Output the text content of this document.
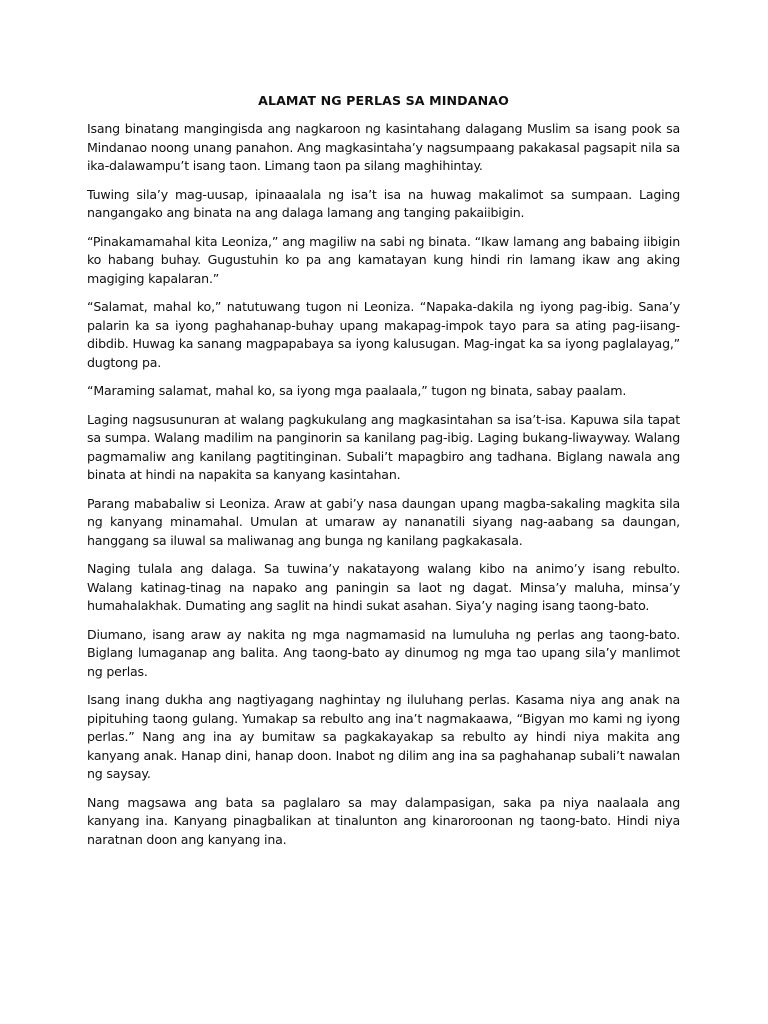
ALAMAT NG PERLAS SA MINDANAO

Isang binatang mangingisda ang nagkaroon ng kasintahang dalagang Muslim sa isang pook sa Mindanao noong unang panahon. Ang magkasintaha’y nagsumpaang pakakasal pagsapit nila sa ika-dalawampu’t isang taon. Limang taon pa silang maghihintay.

Tuwing sila’y mag-uusap, ipinaaalala ng isa’t isa na huwag makalimot sa sumpaan. Laging nangangako ang binata na ang dalaga lamang ang tanging pakaiibigin.

“Pinakamamahal kita Leoniza,” ang magiliw na sabi ng binata. “Ikaw lamang ang babaing iibigin ko habang buhay. Gugustuhin ko pa ang kamatayan kung hindi rin lamang ikaw ang aking magiging kapalaran.”

“Salamat, mahal ko,” natutuwang tugon ni Leoniza. “Napaka-dakila ng iyong pag-ibig. Sana’y palarin ka sa iyong paghahanap-buhay upang makapag-impok tayo para sa ating pag-iisang-dibdib. Huwag ka sanang magpapabaya sa iyong kalusugan. Mag-ingat ka sa iyong paglalayag,” dugtong pa.

“Maraming salamat, mahal ko, sa iyong mga paalaala,” tugon ng binata, sabay paalam.

Laging nagsusunuran at walang pagkukulang ang magkasintahan sa isa’t-isa. Kapuwa sila tapat sa sumpa. Walang madilim na panginorin sa kanilang pag-ibig. Laging bukang-liwayway. Walang pagmamaliw ang kanilang pagtitinginan. Subali’t mapagbiro ang tadhana. Biglang nawala ang binata at hindi na napakita sa kanyang kasintahan.

Parang mababaliw si Leoniza. Araw at gabi’y nasa daungan upang magba-sakaling magkita sila ng kanyang minamahal. Umulan at umaraw ay nananatili siyang nag-aabang sa daungan, hanggang sa iluwal sa maliwanag ang bunga ng kanilang pagkakasala.

Naging tulala ang dalaga. Sa tuwina’y nakatayong walang kibo na animo’y isang rebulto. Walang katinag-tinag na napako ang paningin sa laot ng dagat. Minsa’y maluha, minsa’y humahalakhak. Dumating ang saglit na hindi sukat asahan. Siya’y naging isang taong-bato.

Diumano, isang araw ay nakita ng mga nagmamasid na lumuluha ng perlas ang taong-bato. Biglang lumaganap ang balita. Ang taong-bato ay dinumog ng mga tao upang sila’y manlimot ng perlas.

Isang inang dukha ang nagtiyagang naghintay ng iluluhang perlas. Kasama niya ang anak na pipituhing taong gulang. Yumakap sa rebulto ang ina’t nagmakaawa, “Bigyan mo kami ng iyong perlas.” Nang ang ina ay bumitaw sa pagkakayakap sa rebulto ay hindi niya makita ang kanyang anak. Hanap dini, hanap doon. Inabot ng dilim ang ina sa paghahanap subali’t nawalan ng saysay.

Nang magsawa ang bata sa paglalaro sa may dalampasigan, saka pa niya naalaala ang kanyang ina. Kanyang pinagbalikan at tinalunton ang kinaroroonan ng taong-bato. Hindi niya naratnan doon ang kanyang ina.
